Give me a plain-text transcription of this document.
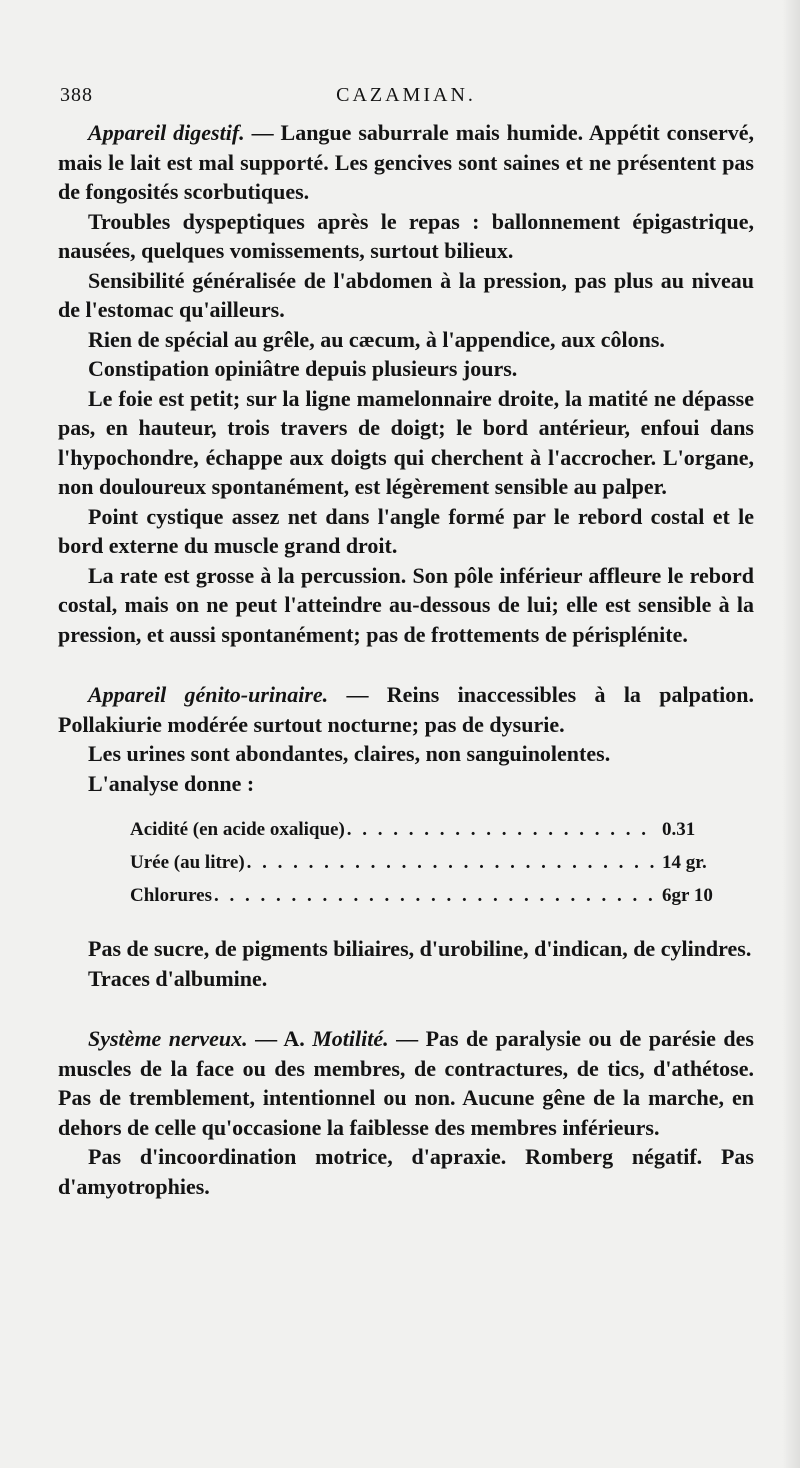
388	CAZAMIAN.

Appareil digestif. — Langue saburrale mais humide. Appétit conservé, mais le lait est mal supporté. Les gencives sont saines et ne présentent pas de fongosités scorbutiques.

Troubles dyspeptiques après le repas : ballonnement épigastrique, nausées, quelques vomissements, surtout bilieux.

Sensibilité généralisée de l'abdomen à la pression, pas plus au niveau de l'estomac qu'ailleurs.

Rien de spécial au grêle, au cæcum, à l'appendice, aux côlons.

Constipation opiniâtre depuis plusieurs jours.

Le foie est petit; sur la ligne mamelonnaire droite, la matité ne dépasse pas, en hauteur, trois travers de doigt; le bord antérieur, enfoui dans l'hypochondre, échappe aux doigts qui cherchent à l'accrocher. L'organe, non douloureux spontanément, est légèrement sensible au palper.

Point cystique assez net dans l'angle formé par le rebord costal et le bord externe du muscle grand droit.

La rate est grosse à la percussion. Son pôle inférieur affleure le rebord costal, mais on ne peut l'atteindre au-dessous de lui; elle est sensible à la pression, et aussi spontanément; pas de frottements de périsplénite.

Appareil génito-urinaire. — Reins inaccessibles à la palpation. Pollakiurie modérée surtout nocturne; pas de dysurie.

Les urines sont abondantes, claires, non sanguinolentes.

L'analyse donne :

Acidité (en acide oxalique) . . .	0.31
Urée (au litre) . . .	14 gr.
Chlorures . . .	6gr 10

Pas de sucre, de pigments biliaires, d'urobiline, d'indican, de cylindres.

Traces d'albumine.

Système nerveux. — A. Motilité. — Pas de paralysie ou de parésie des muscles de la face ou des membres, de contractures, de tics, d'athétose. Pas de tremblement, intentionnel ou non. Aucune gêne de la marche, en dehors de celle qu'occasione la faiblesse des membres inférieurs.

Pas d'incoordination motrice, d'apraxie. Romberg négatif. Pas d'amyotrophies.
